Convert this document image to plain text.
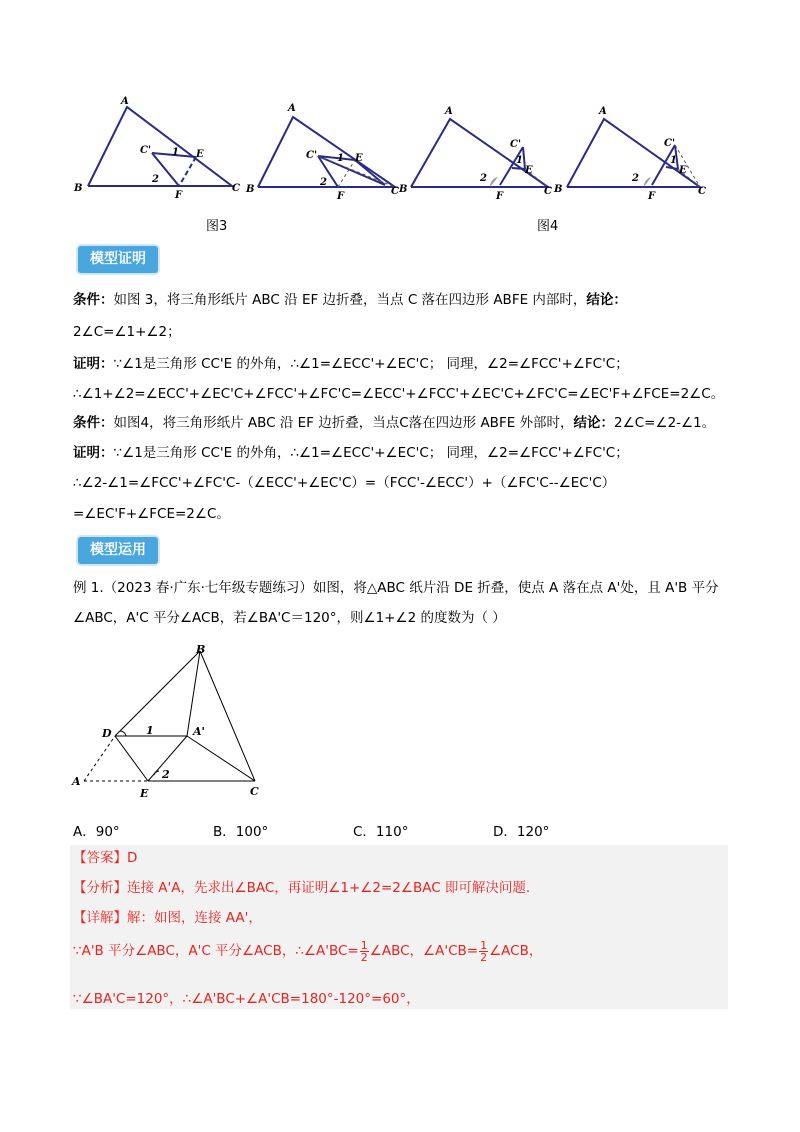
A
B	C
C'	E
F
1
2
A
B	C
C'	E
F
1
2
A
B	C
C'
E
F
1
2
A
B	C
C'
E
F
1
2
图3	图4
模型证明
条件：如图 3，将三角形纸片 ABC 沿 EF 边折叠，当点 C 落在四边形 ABFE 内部时，结论：
2∠C=∠1+∠2；
证明：∵∠1是三角形 CC'E 的外角，∴∠1=∠ECC'+∠EC'C； 同理，∠2=∠FCC'+∠FC'C；
∴∠1+∠2=∠ECC'+∠EC'C+∠FCC'+∠FC'C=∠ECC'+∠FCC'+∠EC'C+∠FC'C=∠EC'F+∠FCE=2∠C。
条件：如图4，将三角形纸片 ABC 沿 EF 边折叠，当点C落在四边形 ABFE 外部时，结论：2∠C=∠2-∠1。
证明：∵∠1是三角形 CC'E 的外角，∴∠1=∠ECC'+∠EC'C； 同理，∠2=∠FCC'+∠FC'C；
∴∠2-∠1=∠FCC'+∠FC'C-（∠ECC'+∠EC'C）=（FCC'-∠ECC'）+（∠FC'C--∠EC'C）
=∠EC'F+∠FCE=2∠C。
模型运用
例 1.（2023 春·广东·七年级专题练习）如图，将△ABC 纸片沿 DE 折叠，使点 A 落在点 A'处，且 A'B 平分
∠ABC，A'C 平分∠ACB，若∠BA'C＝120°，则∠1+∠2 的度数为（ ）
B
D	A'
A
E	C
1
2
A．90°	B．100°	C．110°	D．120°
【答案】D
【分析】连接 A'A，先求出∠BAC，再证明∠1+∠2=2∠BAC 即可解决问题.
【详解】解：如图，连接 AA'，
∵A'B 平分∠ABC，A'C 平分∠ACB，∴∠A'BC= $\frac{1}{2}$ ∠ABC，∠A'CB= $\frac{1}{2}$ ∠ACB，
∵∠BA'C=120°，∴∠A'BC+∠A'CB=180°-120°=60°，
